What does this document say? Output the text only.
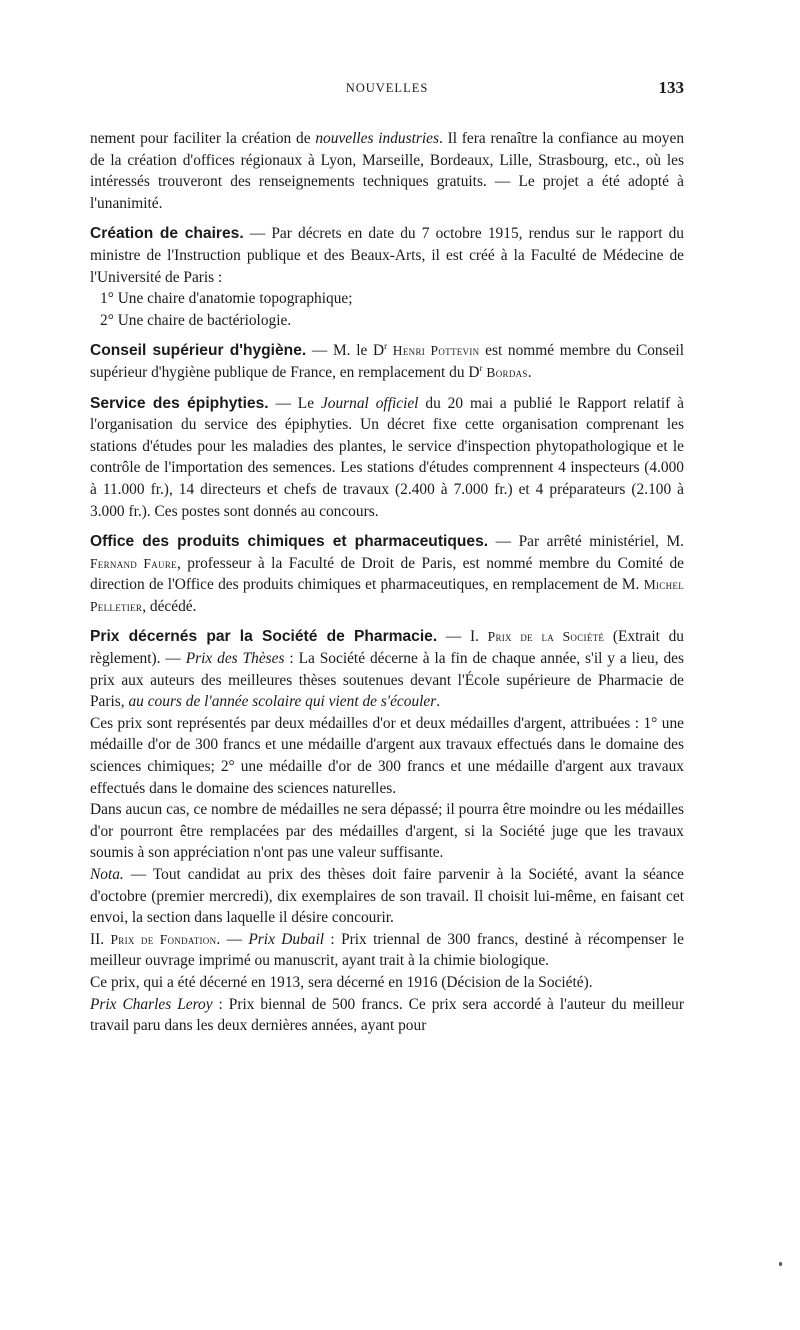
NOUVELLES	133

nement pour faciliter la création de nouvelles industries. Il fera renaître la confiance au moyen de la création d'offices régionaux à Lyon, Marseille, Bordeaux, Lille, Strasbourg, etc., où les intéressés trouveront des renseignements techniques gratuits. — Le projet a été adopté à l'unanimité.

Création de chaires. — Par décrets en date du 7 octobre 1915, rendus sur le rapport du ministre de l'Instruction publique et des Beaux-Arts, il est créé à la Faculté de Médecine de l'Université de Paris :

1° Une chaire d'anatomie topographique;

2° Une chaire de bactériologie.

Conseil supérieur d'hygiène. — M. le $D^r$ Henri Pottevin est nommé membre du Conseil supérieur d'hygiène publique de France, en remplacement du $D^r$ Bordas.

Service des épiphyties. — Le Journal officiel du 20 mai a publié le Rapport relatif à l'organisation du service des épiphyties. Un décret fixe cette organisation comprenant les stations d'études pour les maladies des plantes, le service d'inspection phytopathologique et le contrôle de l'importation des semences. Les stations d'études comprennent 4 inspecteurs (4.000 à 11.000 fr.), 14 directeurs et chefs de travaux (2.400 à 7.000 fr.) et 4 préparateurs (2.100 à 3.000 fr.). Ces postes sont donnés au concours.

Office des produits chimiques et pharmaceutiques. — Par arrêté ministériel, M. Fernand Faure, professeur à la Faculté de Droit de Paris, est nommé membre du Comité de direction de l'Office des produits chimiques et pharmaceutiques, en remplacement de M. Michel Pelletier, décédé.

Prix décernés par la Société de Pharmacie. — I. Prix de la Société (Extrait du règlement). — Prix des Thèses : La Société décerne à la fin de chaque année, s'il y a lieu, des prix aux auteurs des meilleures thèses soutenues devant l'École supérieure de Pharmacie de Paris, au cours de l'année scolaire qui vient de s'écouler.

Ces prix sont représentés par deux médailles d'or et deux médailles d'argent, attribuées : 1° une médaille d'or de 300 francs et une médaille d'argent aux travaux effectués dans le domaine des sciences chimiques; 2° une médaille d'or de 300 francs et une médaille d'argent aux travaux effectués dans le domaine des sciences naturelles.

Dans aucun cas, ce nombre de médailles ne sera dépassé; il pourra être moindre ou les médailles d'or pourront être remplacées par des médailles d'argent, si la Société juge que les travaux soumis à son appréciation n'ont pas une valeur suffisante.

Nota. — Tout candidat au prix des thèses doit faire parvenir à la Société, avant la séance d'octobre (premier mercredi), dix exemplaires de son travail. Il choisit lui-même, en faisant cet envoi, la section dans laquelle il désire concourir.

II. Prix de Fondation. — Prix Dubail : Prix triennal de 300 francs, destiné à récompenser le meilleur ouvrage imprimé ou manuscrit, ayant trait à la chimie biologique.

Ce prix, qui a été décerné en 1913, sera décerné en 1916 (Décision de la Société).

Prix Charles Leroy : Prix biennal de 500 francs. Ce prix sera accordé à l'auteur du meilleur travail paru dans les deux dernières années, ayant pour
